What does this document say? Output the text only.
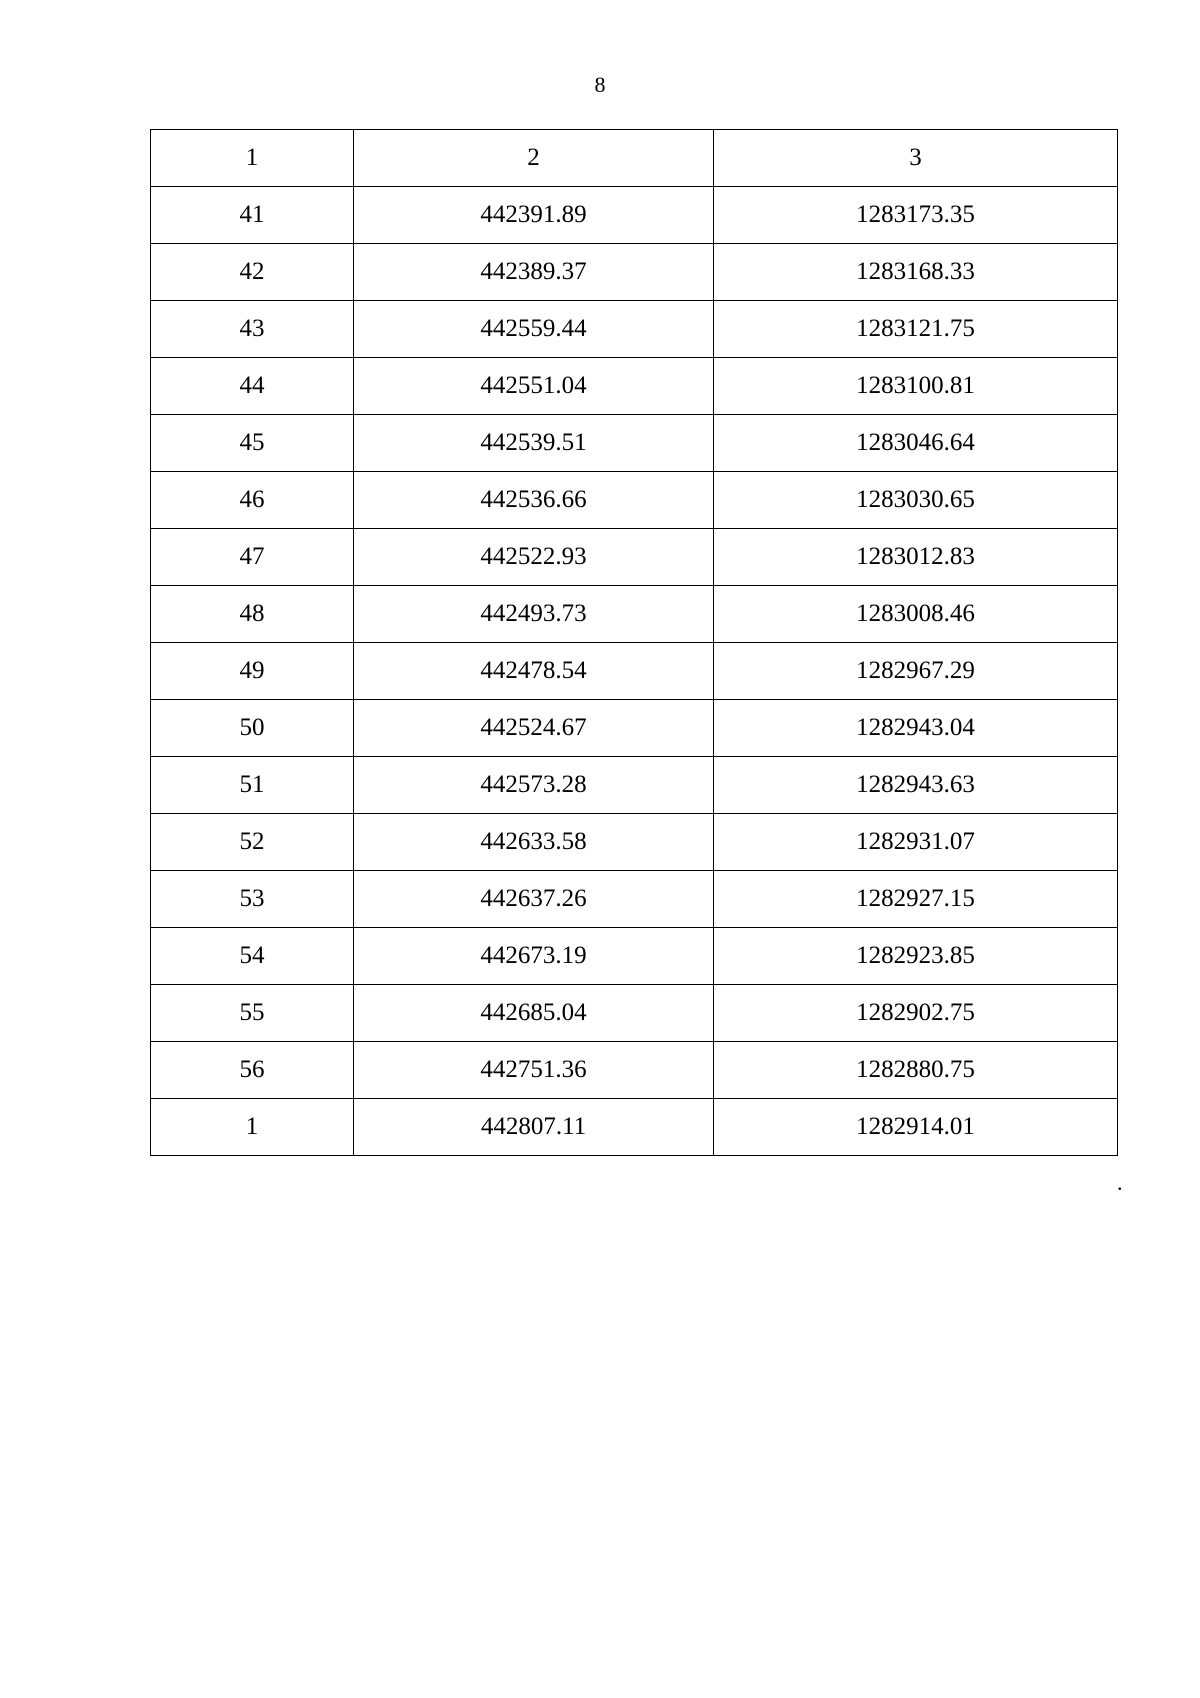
8
1	2	3
41	442391.89	1283173.35
42	442389.37	1283168.33
43	442559.44	1283121.75
44	442551.04	1283100.81
45	442539.51	1283046.64
46	442536.66	1283030.65
47	442522.93	1283012.83
48	442493.73	1283008.46
49	442478.54	1282967.29
50	442524.67	1282943.04
51	442573.28	1282943.63
52	442633.58	1282931.07
53	442637.26	1282927.15
54	442673.19	1282923.85
55	442685.04	1282902.75
56	442751.36	1282880.75
1	442807.11	1282914.01
.
